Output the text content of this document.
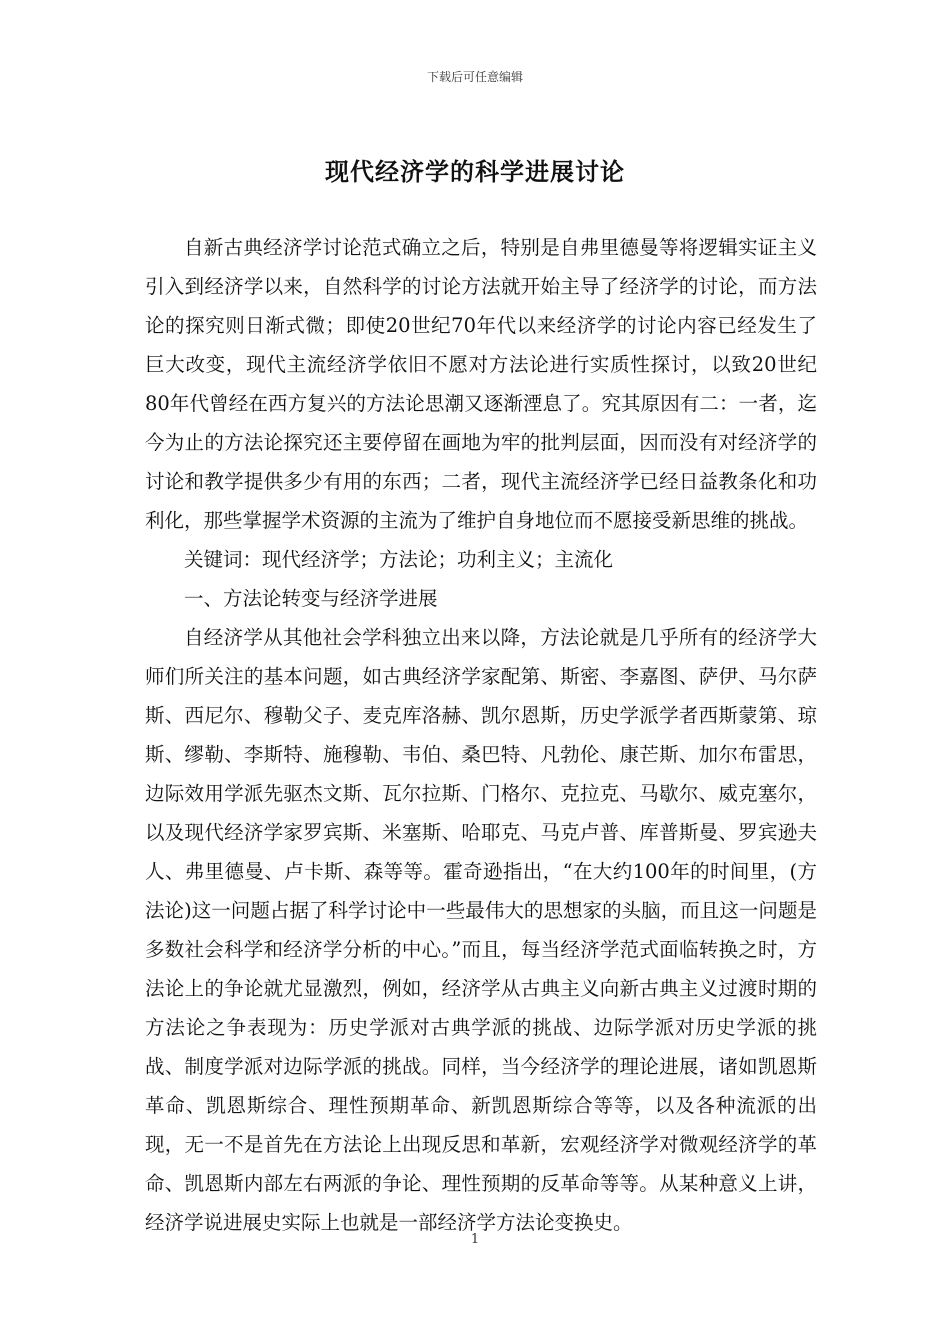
下载后可任意编辑
现代经济学的科学进展讨论

自新古典经济学讨论范式确立之后，特别是自弗里德曼等将逻辑实证主义引入到经济学以来，自然科学的讨论方法就开始主导了经济学的讨论，而方法论的探究则日渐式微；即使20世纪70年代以来经济学的讨论内容已经发生了巨大改变，现代主流经济学依旧不愿对方法论进行实质性探讨，以致20世纪80年代曾经在西方复兴的方法论思潮又逐渐湮息了。究其原因有二：一者，迄今为止的方法论探究还主要停留在画地为牢的批判层面，因而没有对经济学的讨论和教学提供多少有用的东西；二者，现代主流经济学已经日益教条化和功利化，那些掌握学术资源的主流为了维护自身地位而不愿接受新思维的挑战。

关键词：现代经济学；方法论；功利主义；主流化

一、方法论转变与经济学进展

自经济学从其他社会学科独立出来以降，方法论就是几乎所有的经济学大师们所关注的基本问题，如古典经济学家配第、斯密、李嘉图、萨伊、马尔萨斯、西尼尔、穆勒父子、麦克库洛赫、凯尔恩斯，历史学派学者西斯蒙第、琼斯、缪勒、李斯特、施穆勒、韦伯、桑巴特、凡勃伦、康芒斯、加尔布雷思，边际效用学派先驱杰文斯、瓦尔拉斯、门格尔、克拉克、马歇尔、威克塞尔，以及现代经济学家罗宾斯、米塞斯、哈耶克、马克卢普、库普斯曼、罗宾逊夫人、弗里德曼、卢卡斯、森等等。霍奇逊指出，“在大约100年的时间里，(方法论)这一问题占据了科学讨论中一些最伟大的思想家的头脑，而且这一问题是多数社会科学和经济学分析的中心。”而且，每当经济学范式面临转换之时，方法论上的争论就尤显激烈，例如，经济学从古典主义向新古典主义过渡时期的方法论之争表现为：历史学派对古典学派的挑战、边际学派对历史学派的挑战、制度学派对边际学派的挑战。同样，当今经济学的理论进展，诸如凯恩斯革命、凯恩斯综合、理性预期革命、新凯恩斯综合等等，以及各种流派的出现，无一不是首先在方法论上出现反思和革新，宏观经济学对微观经济学的革命、凯恩斯内部左右两派的争论、理性预期的反革命等等。从某种意义上讲，经济学说进展史实际上也就是一部经济学方法论变换史。

1
